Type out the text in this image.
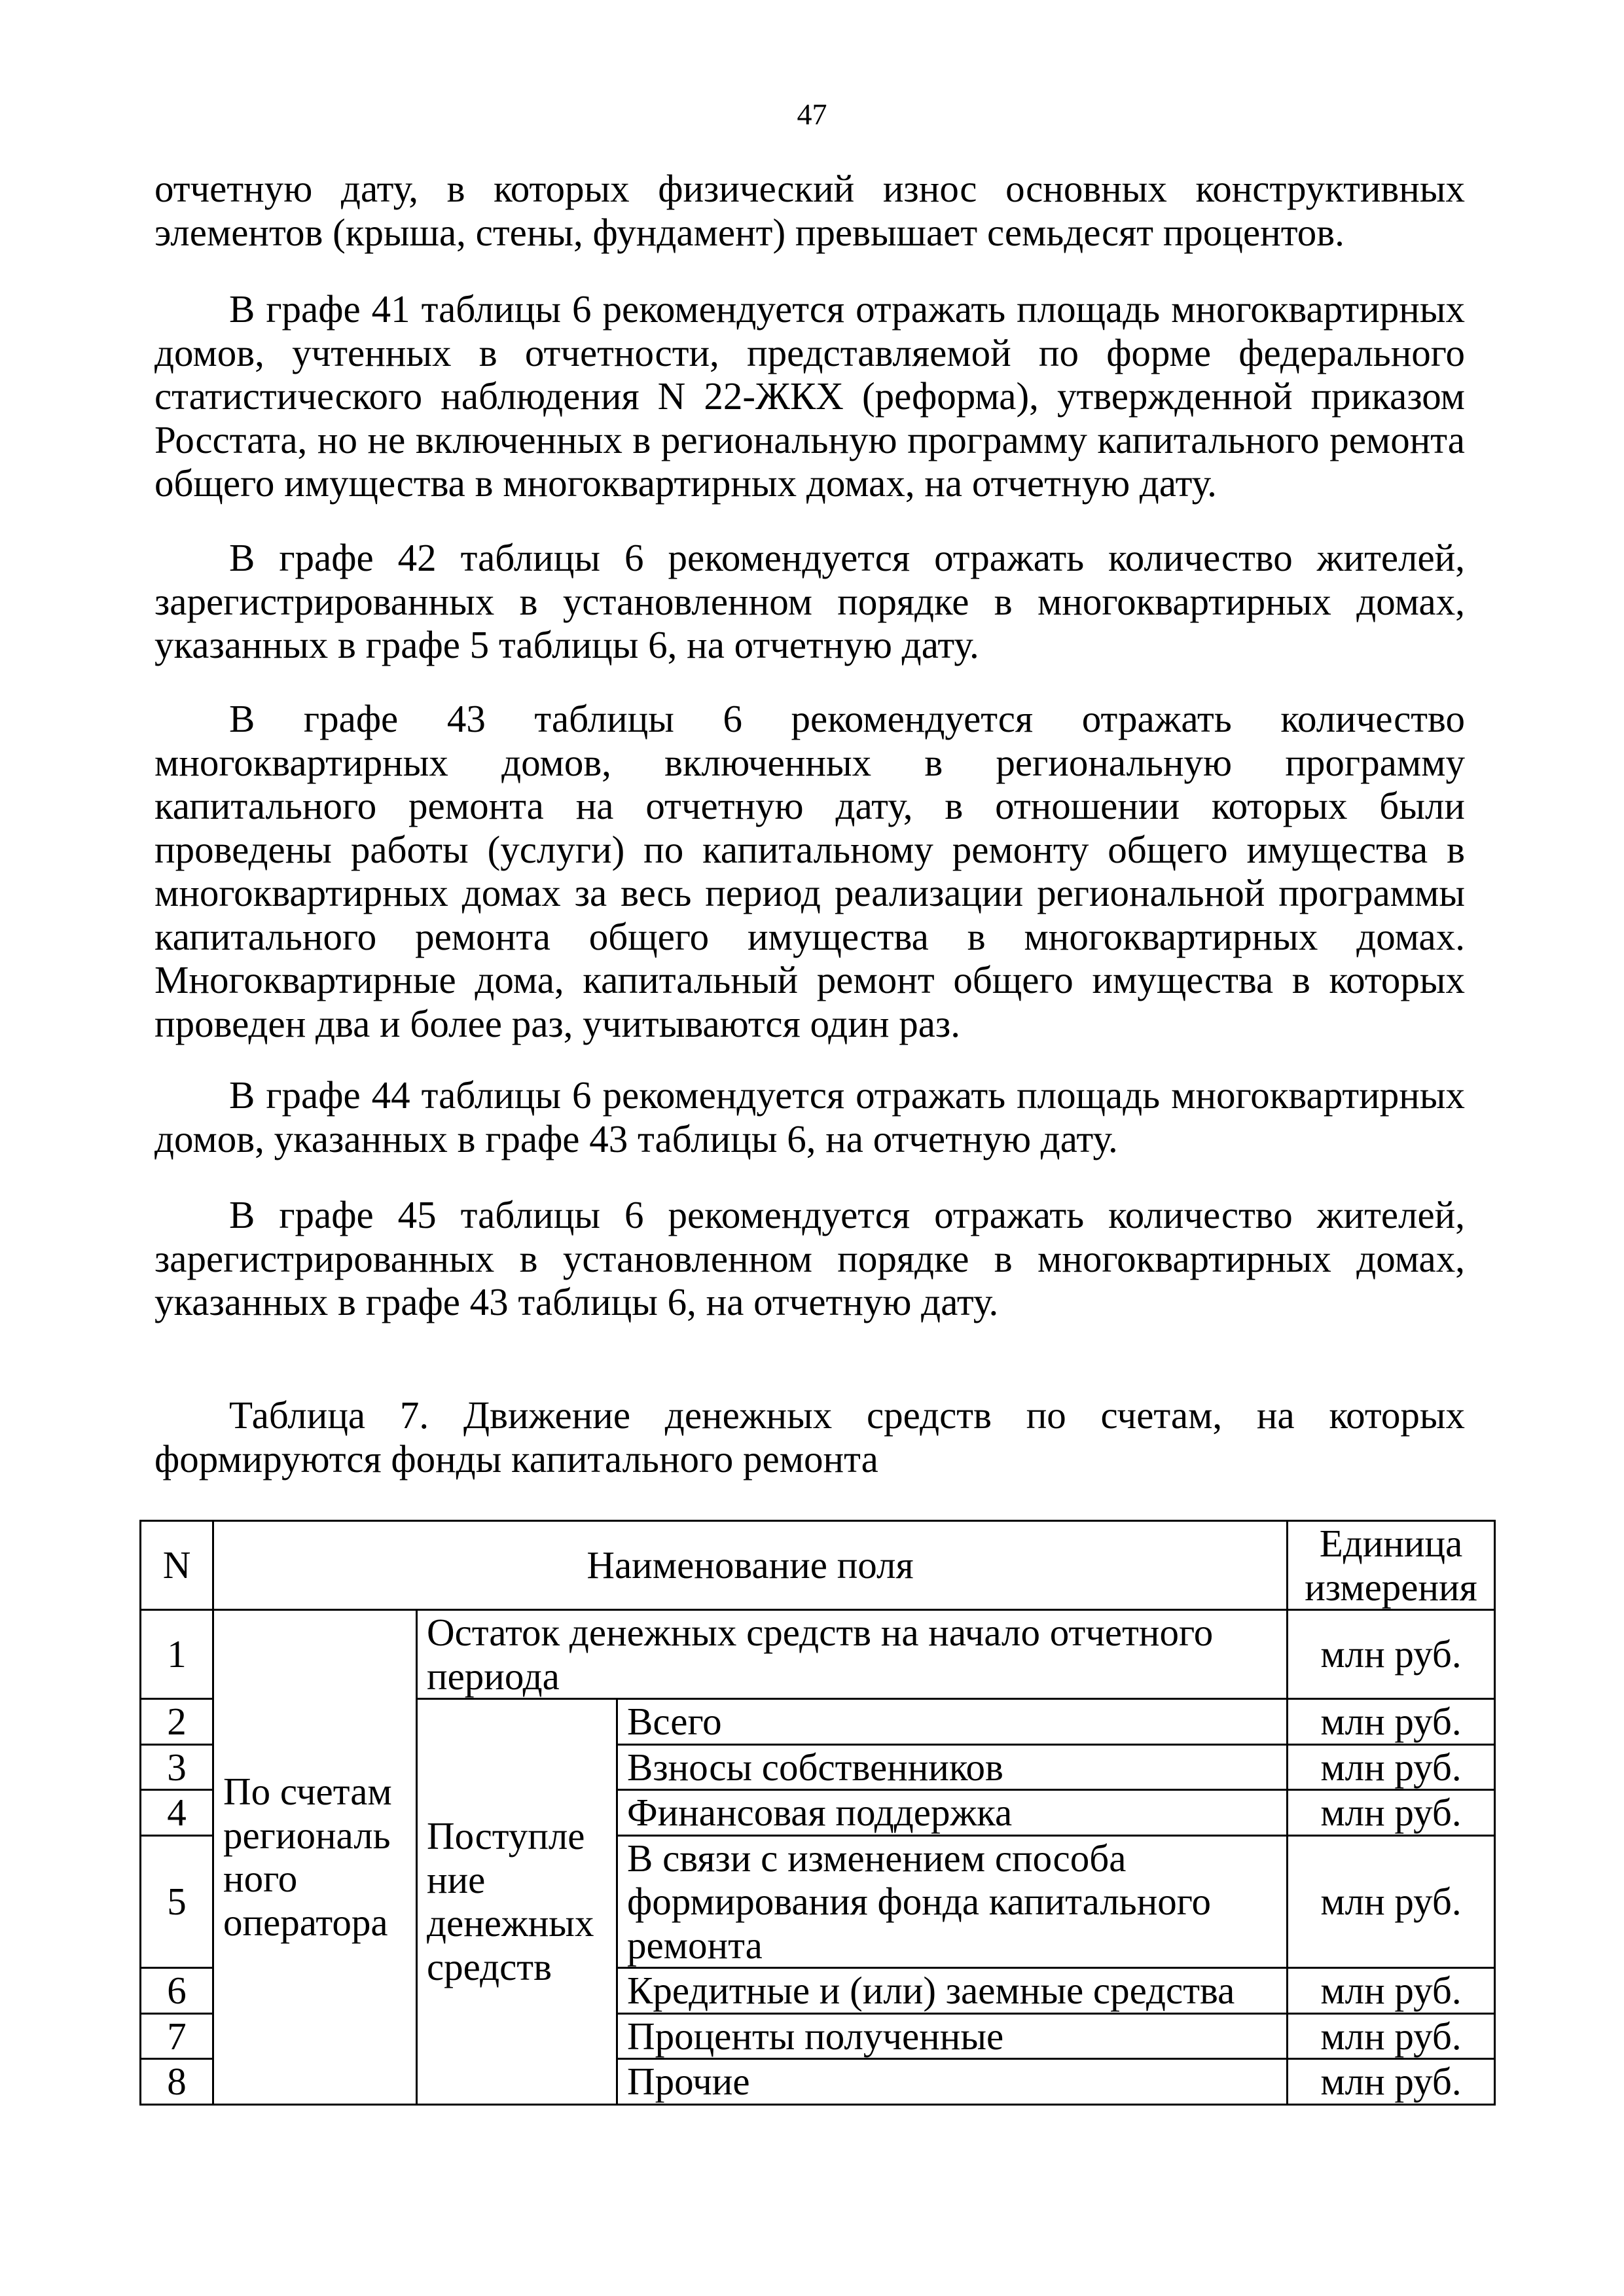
47
отчетную дату, в которых физический износ основных конструктивных элементов (крыша, стены, фундамент) превышает семьдесят процентов.
В графе 41 таблицы 6 рекомендуется отражать площадь многоквартирных домов, учтенных в отчетности, представляемой по форме федерального статистического наблюдения N 22-ЖКХ (реформа), утвержденной приказом Росстата, но не включенных в региональную программу капитального ремонта общего имущества в многоквартирных домах, на отчетную дату.
В графе 42 таблицы 6 рекомендуется отражать количество жителей, зарегистрированных в установленном порядке в многоквартирных домах, указанных в графе 5 таблицы 6, на отчетную дату.
В графе 43 таблицы 6 рекомендуется отражать количество многоквартирных домов, включенных в региональную программу капитального ремонта на отчетную дату, в отношении которых были проведены работы (услуги) по капитальному ремонту общего имущества в многоквартирных домах за весь период реализации региональной программы капитального ремонта общего имущества в многоквартирных домах. Многоквартирные дома, капитальный ремонт общего имущества в которых проведен два и более раз, учитываются один раз.
В графе 44 таблицы 6 рекомендуется отражать площадь многоквартирных домов, указанных в графе 43 таблицы 6, на отчетную дату.
В графе 45 таблицы 6 рекомендуется отражать количество жителей, зарегистрированных в установленном порядке в многоквартирных домах, указанных в графе 43 таблицы 6, на отчетную дату.
Таблица 7. Движение денежных средств по счетам, на которых формируются фонды капитального ремонта
N	Наименование поля			Единица измерения
1	По счетам региональ ного оператора	Остаток денежных средств на начало отчетного периода		млн руб.
2		Поступле ние денежных средств	Всего	млн руб.
3			Взносы собственников	млн руб.
4			Финансовая поддержка	млн руб.
5			В связи с изменением способа формирования фонда капитального ремонта	млн руб.
6			Кредитные и (или) заемные средства	млн руб.
7			Проценты полученные	млн руб.
8			Прочие	млн руб.
